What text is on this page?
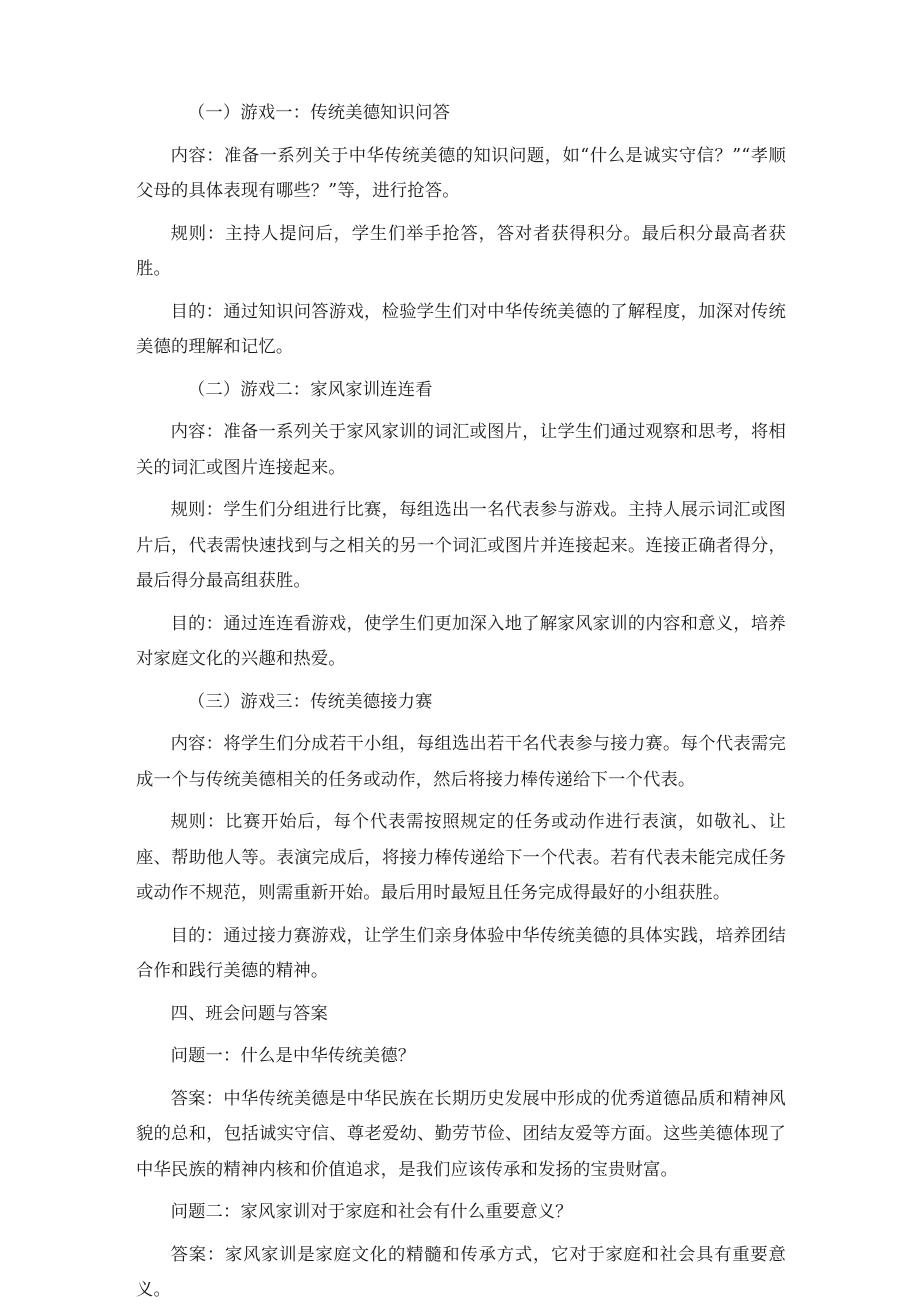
（一）游戏一：传统美德知识问答

内容：准备一系列关于中华传统美德的知识问题，如“什么是诚实守信？”“孝顺父母的具体表现有哪些？”等，进行抢答。

规则：主持人提问后，学生们举手抢答，答对者获得积分。最后积分最高者获胜。

目的：通过知识问答游戏，检验学生们对中华传统美德的了解程度，加深对传统美德的理解和记忆。

（二）游戏二：家风家训连连看

内容：准备一系列关于家风家训的词汇或图片，让学生们通过观察和思考，将相关的词汇或图片连接起来。

规则：学生们分组进行比赛，每组选出一名代表参与游戏。主持人展示词汇或图片后，代表需快速找到与之相关的另一个词汇或图片并连接起来。连接正确者得分，最后得分最高组获胜。

目的：通过连连看游戏，使学生们更加深入地了解家风家训的内容和意义，培养对家庭文化的兴趣和热爱。

（三）游戏三：传统美德接力赛

内容：将学生们分成若干小组，每组选出若干名代表参与接力赛。每个代表需完成一个与传统美德相关的任务或动作，然后将接力棒传递给下一个代表。

规则：比赛开始后，每个代表需按照规定的任务或动作进行表演，如敬礼、让座、帮助他人等。表演完成后，将接力棒传递给下一个代表。若有代表未能完成任务或动作不规范，则需重新开始。最后用时最短且任务完成得最好的小组获胜。

目的：通过接力赛游戏，让学生们亲身体验中华传统美德的具体实践，培养团结合作和践行美德的精神。

四、班会问题与答案

问题一：什么是中华传统美德？

答案：中华传统美德是中华民族在长期历史发展中形成的优秀道德品质和精神风貌的总和，包括诚实守信、尊老爱幼、勤劳节俭、团结友爱等方面。这些美德体现了中华民族的精神内核和价值追求，是我们应该传承和发扬的宝贵财富。

问题二：家风家训对于家庭和社会有什么重要意义？

答案：家风家训是家庭文化的精髓和传承方式，它对于家庭和社会具有重要意义。
